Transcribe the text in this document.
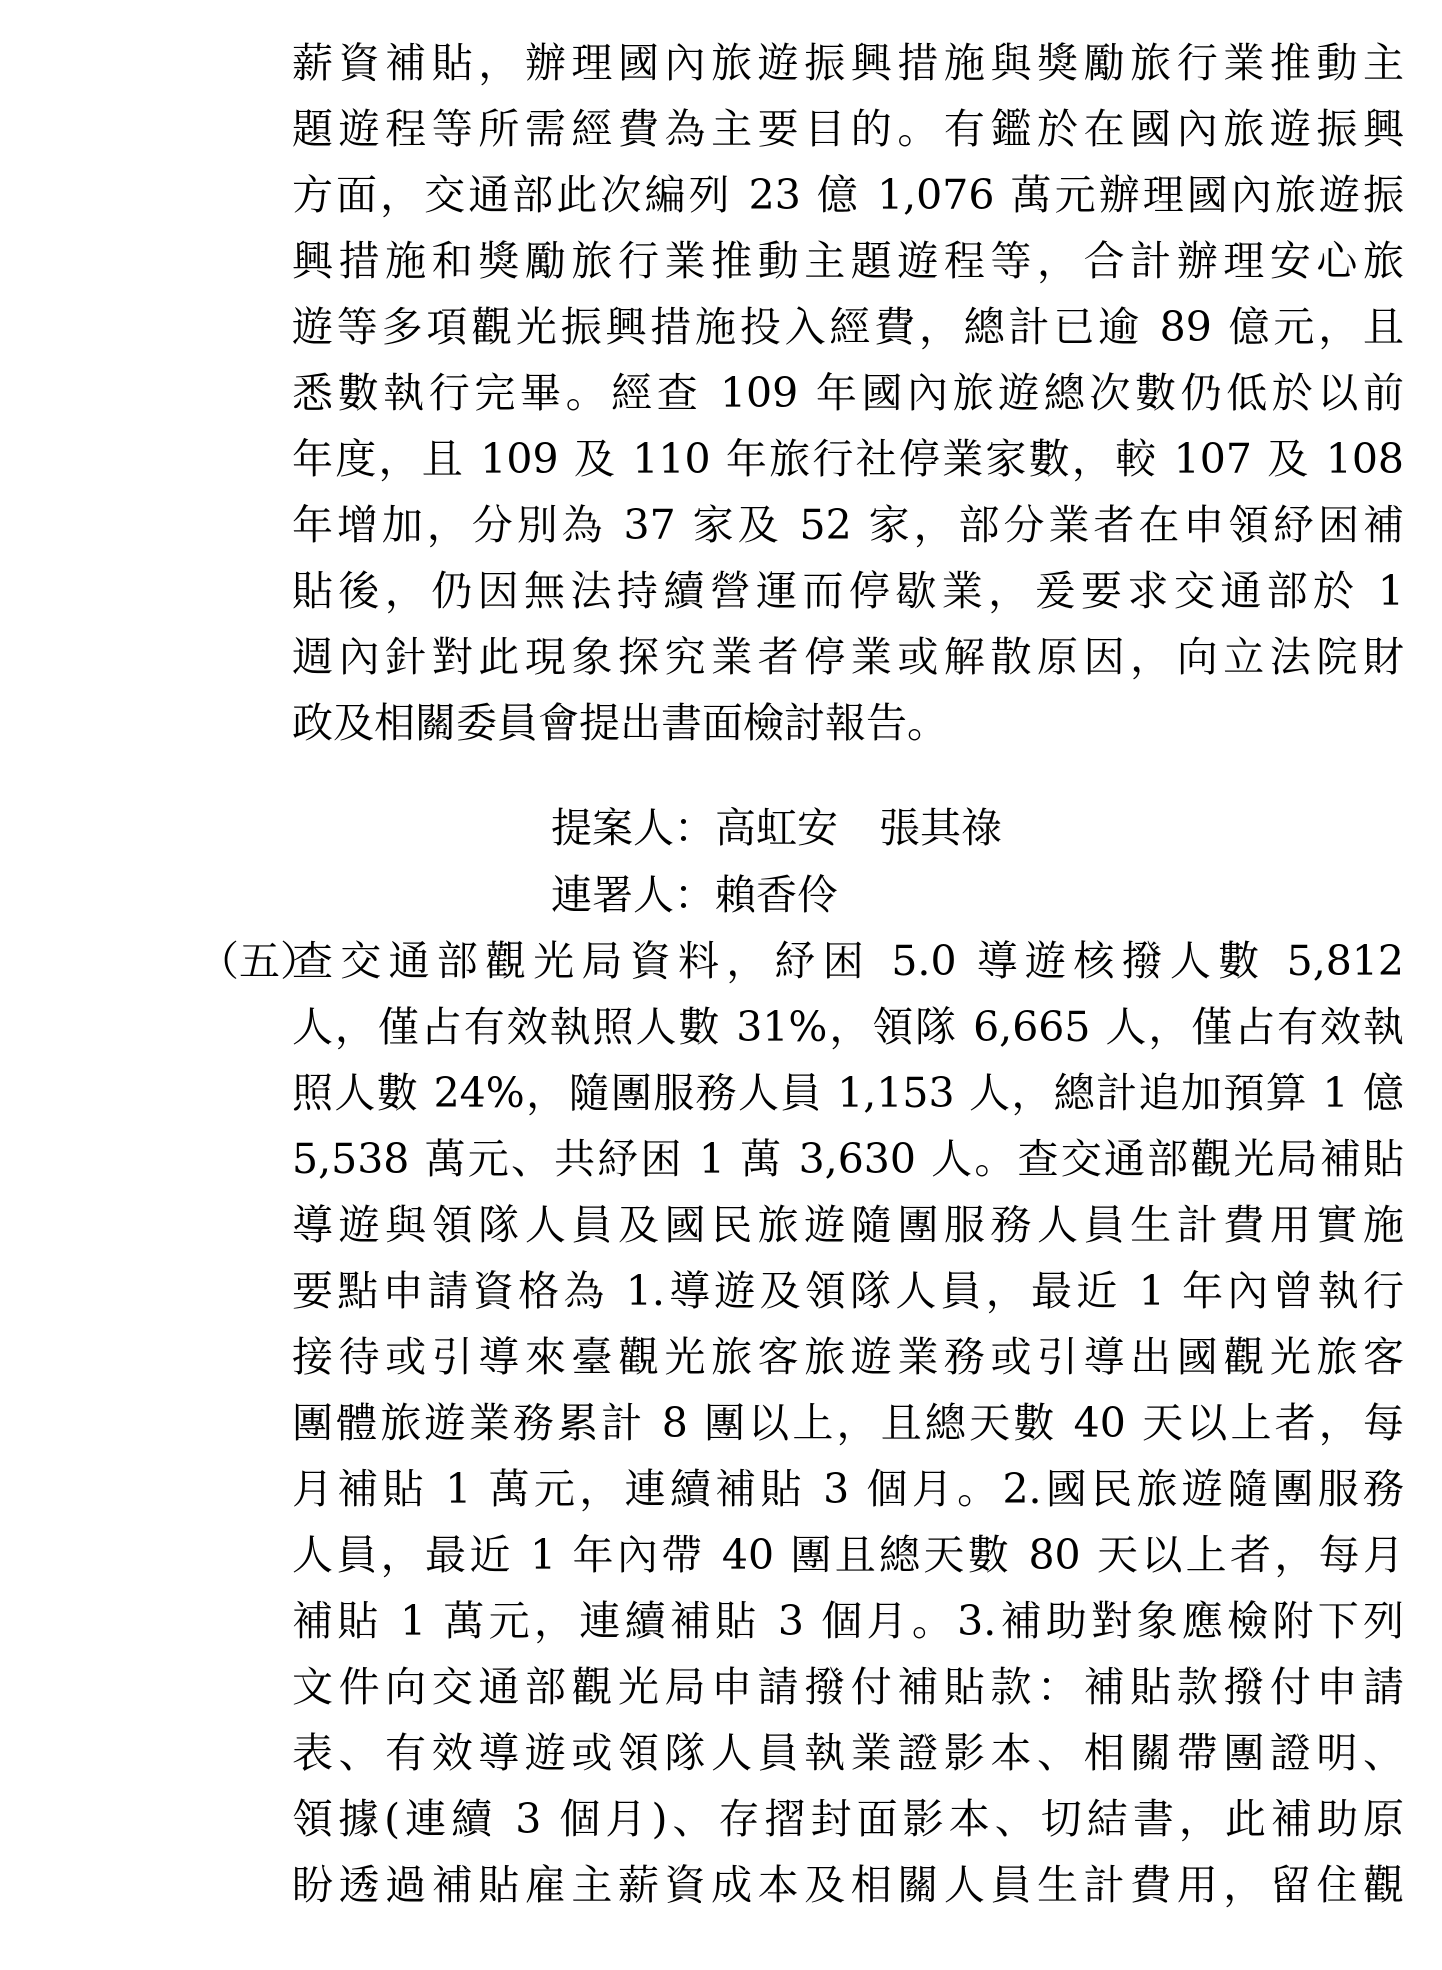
薪資補貼，辦理國內旅遊振興措施與獎勵旅行業推動主
題遊程等所需經費為主要目的。有鑑於在國內旅遊振興
方面，交通部此次編列 23 億 1,076 萬元辦理國內旅遊振
興措施和獎勵旅行業推動主題遊程等，合計辦理安心旅
遊等多項觀光振興措施投入經費，總計已逾 89 億元，且
悉數執行完畢。經查 109 年國內旅遊總次數仍低於以前
年度，且 109 及 110 年旅行社停業家數，較 107 及 108
年增加，分別為 37 家及 52 家，部分業者在申領紓困補
貼後，仍因無法持續營運而停歇業，爰要求交通部於 1
週內針對此現象探究業者停業或解散原因，向立法院財
政及相關委員會提出書面檢討報告。
提案人：高虹安　張其祿
連署人：賴香伶
（五）
查交通部觀光局資料，紓困 5.0 導遊核撥人數 5,812
人，僅占有效執照人數 31%，領隊 6,665 人，僅占有效執
照人數 24%，隨團服務人員 1,153 人，總計追加預算 1 億
5,538 萬元、共紓困 1 萬 3,630 人。查交通部觀光局補貼
導遊與領隊人員及國民旅遊隨團服務人員生計費用實施
要點申請資格為 1.導遊及領隊人員，最近 1 年內曾執行
接待或引導來臺觀光旅客旅遊業務或引導出國觀光旅客
團體旅遊業務累計 8 團以上，且總天數 40 天以上者，每
月補貼 1 萬元，連續補貼 3 個月。2.國民旅遊隨團服務
人員，最近 1 年內帶 40 團且總天數 80 天以上者，每月
補貼 1 萬元，連續補貼 3 個月。3.補助對象應檢附下列
文件向交通部觀光局申請撥付補貼款：補貼款撥付申請
表、有效導遊或領隊人員執業證影本、相關帶團證明、
領據(連續 3 個月)、存摺封面影本、切結書，此補助原
盼透過補貼雇主薪資成本及相關人員生計費用，留住觀
